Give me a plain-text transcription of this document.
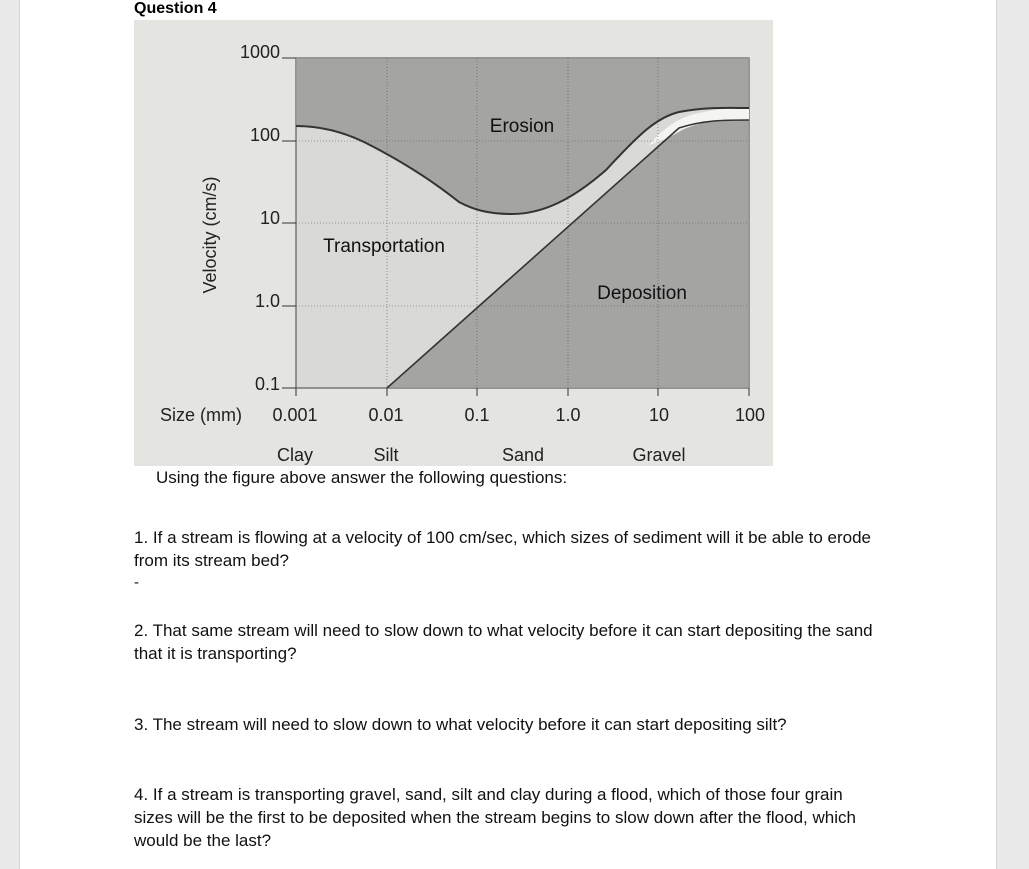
Question 4
1000
100
10
1.0
0.1
Velocity (cm/s)
Size (mm) 0.001	0.01	0.1	1.0	10	100
Clay	Silt	Sand	Gravel
Erosion
Transportation
Deposition

Using the figure above answer the following questions:

1. If a stream is flowing at a velocity of 100 cm/sec, which sizes of sediment will it be able to erode from its stream bed?

-

2. That same stream will need to slow down to what velocity before it can start depositing the sand that it is transporting?

3. The stream will need to slow down to what velocity before it can start depositing silt?

4. If a stream is transporting gravel, sand, silt and clay during a flood, which of those four grain sizes will be the first to be deposited when the stream begins to slow down after the flood, which would be the last?
